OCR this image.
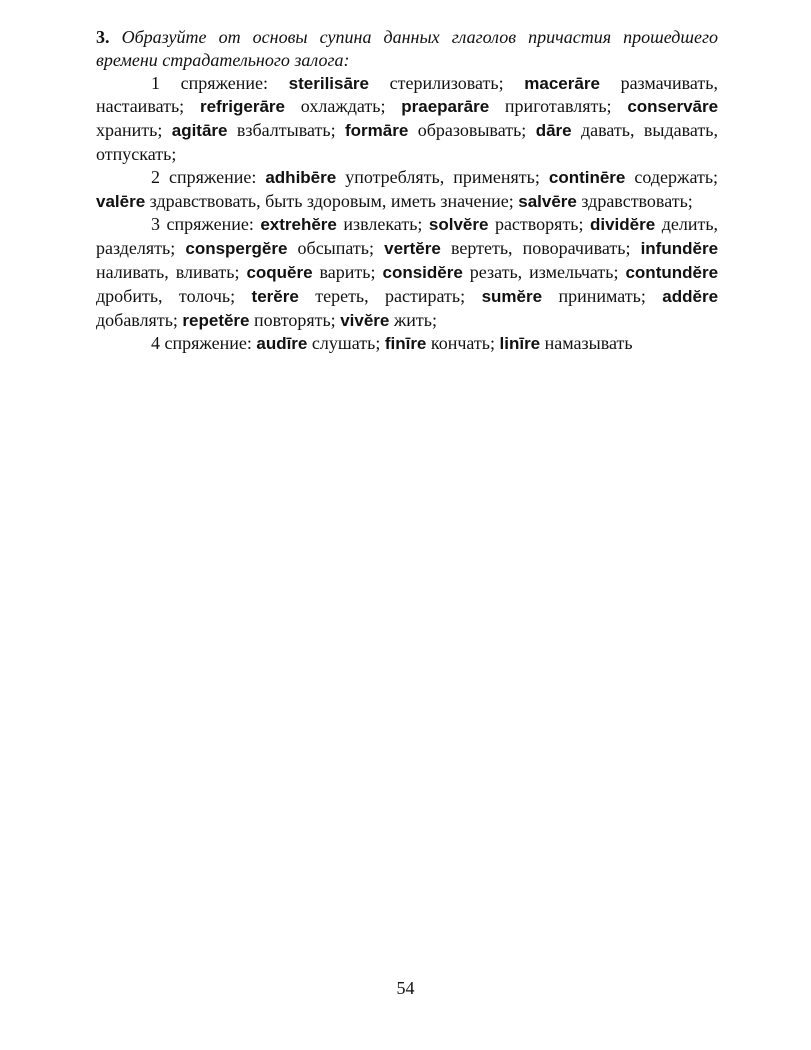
3. Образуйте от основы супина данных глаголов причастия прошедшего времени страдательного залога:

1 спряжение: sterilisāre стерилизовать; macerāre размачивать, настаивать; refrigerāre охлаждать; praeparāre приготавлять; conservāre хранить; agitāre взбалтывать; formāre образовывать; dāre давать, выдавать, отпускать;

2 спряжение: adhibēre употреблять, применять; continēre содержать; valēre здравствовать, быть здоровым, иметь значение; salvēre здравствовать;

3 спряжение: extrehĕre извлекать; solvĕre растворять; dividĕre делить, разделять; conspergĕre обсыпать; vertĕre вертеть, поворачивать; infundĕre наливать, вливать; coquĕre варить; considĕre резать, измельчать; contundĕre дробить, толочь; terĕre тереть, растирать; sumĕre принимать; addĕre добавлять; repetĕre повторять; vivĕre жить;

4 спряжение: audīre слушать; finīre кончать; linīre намазывать

54
